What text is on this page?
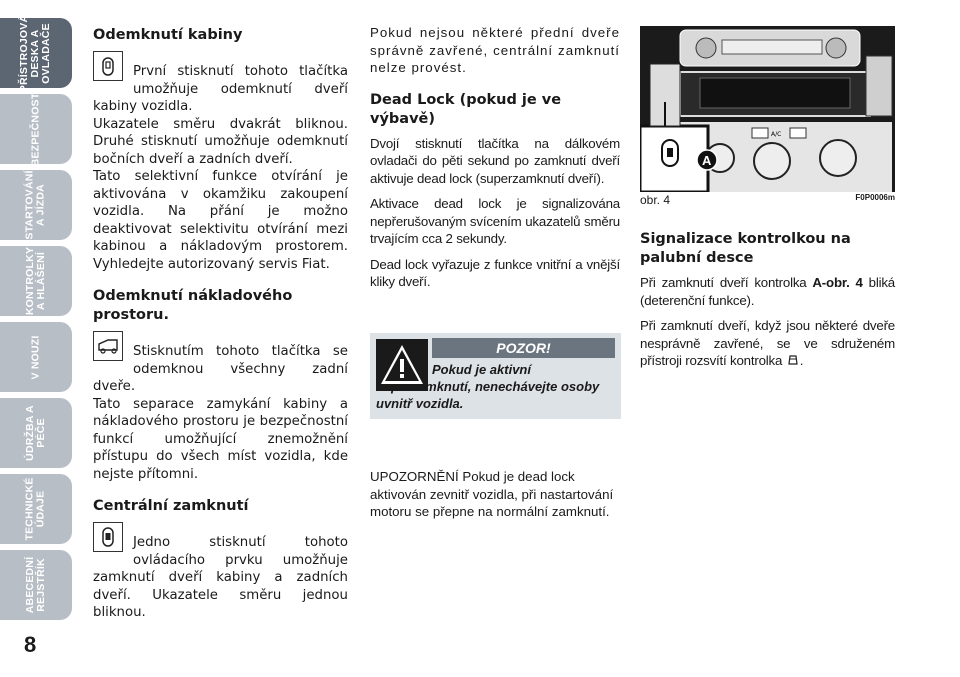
PŘÍSTROJOVÁ
DESKA A
OVLADAČE
BEZPEČNOST
STARTOVÁNÍ
A JÍZDA
KONTROLKY
A HLÁŠENÍ
V NOUZI
ÚDRŽBA A
PÉČE
TECHNICKÉ
ÚDAJE
ABECEDNÍ
REJSTŘÍK
8
Odemknutí kabiny

První stisknutí tohoto tlačítka umožňuje odemknutí dveří kabiny vozidla.

Ukazatele směru dvakrát bliknou. Druhé stisknutí umožňuje odemknutí bočních dveří a zadních dveří.

Tato selektivní funkce otvírání je aktivována v okamžiku zakoupení vozidla. Na přání je možno deaktivovat selektivitu otvírání mezi kabinou a nákladovým prostorem. Vyhledejte autorizovaný servis Fiat.

Odemknutí nákladového prostoru.

Stisknutím tohoto tlačítka se odemknou všechny zadní dveře.

Tato separace zamykání kabiny a nákladového prostoru je bezpečnostní funkcí umožňující znemožnění přístupu do všech míst vozidla, kde nejste přítomni.

Centrální zamknutí

Jedno stisknutí tohoto ovládacího prvku umožňuje zamknutí dveří kabiny a zadních dveří. Ukazatele směru jednou bliknou.

Pokud nejsou některé přední dveře správně zavřené, centrální zamknutí nelze provést.

Dead Lock (pokud je ve výbavě)

Dvojí stisknutí tlačítka na dálkovém ovladači do pěti sekund po zamknutí dveří aktivuje dead lock (superzamknutí dveří).

Aktivace dead lock je signalizována nepřerušovaným svícením ukazatelů směru trvajícím cca 2 sekundy.

Dead lock vyřazuje z funkce vnitřní a vnější kliky dveří.

POZOR!
Pokud je aktivní superzamknutí, nenechávejte osoby uvnitř vozidla.
UPOZORNĚNÍ Pokud je dead lock aktivován zevnitř vozidla, při nastartování motoru se přepne na normální zamknutí.
A/C
A
obr. 4	F0P0006m
Signalizace kontrolkou na palubní desce

Při zamknutí dveří kontrolka A-obr. 4 bliká (deterenční funkce).

Při zamknutí dveří, když jsou některé dveře nesprávně zavřené, se ve sdruženém přístroji rozsvítí kontrolka .
